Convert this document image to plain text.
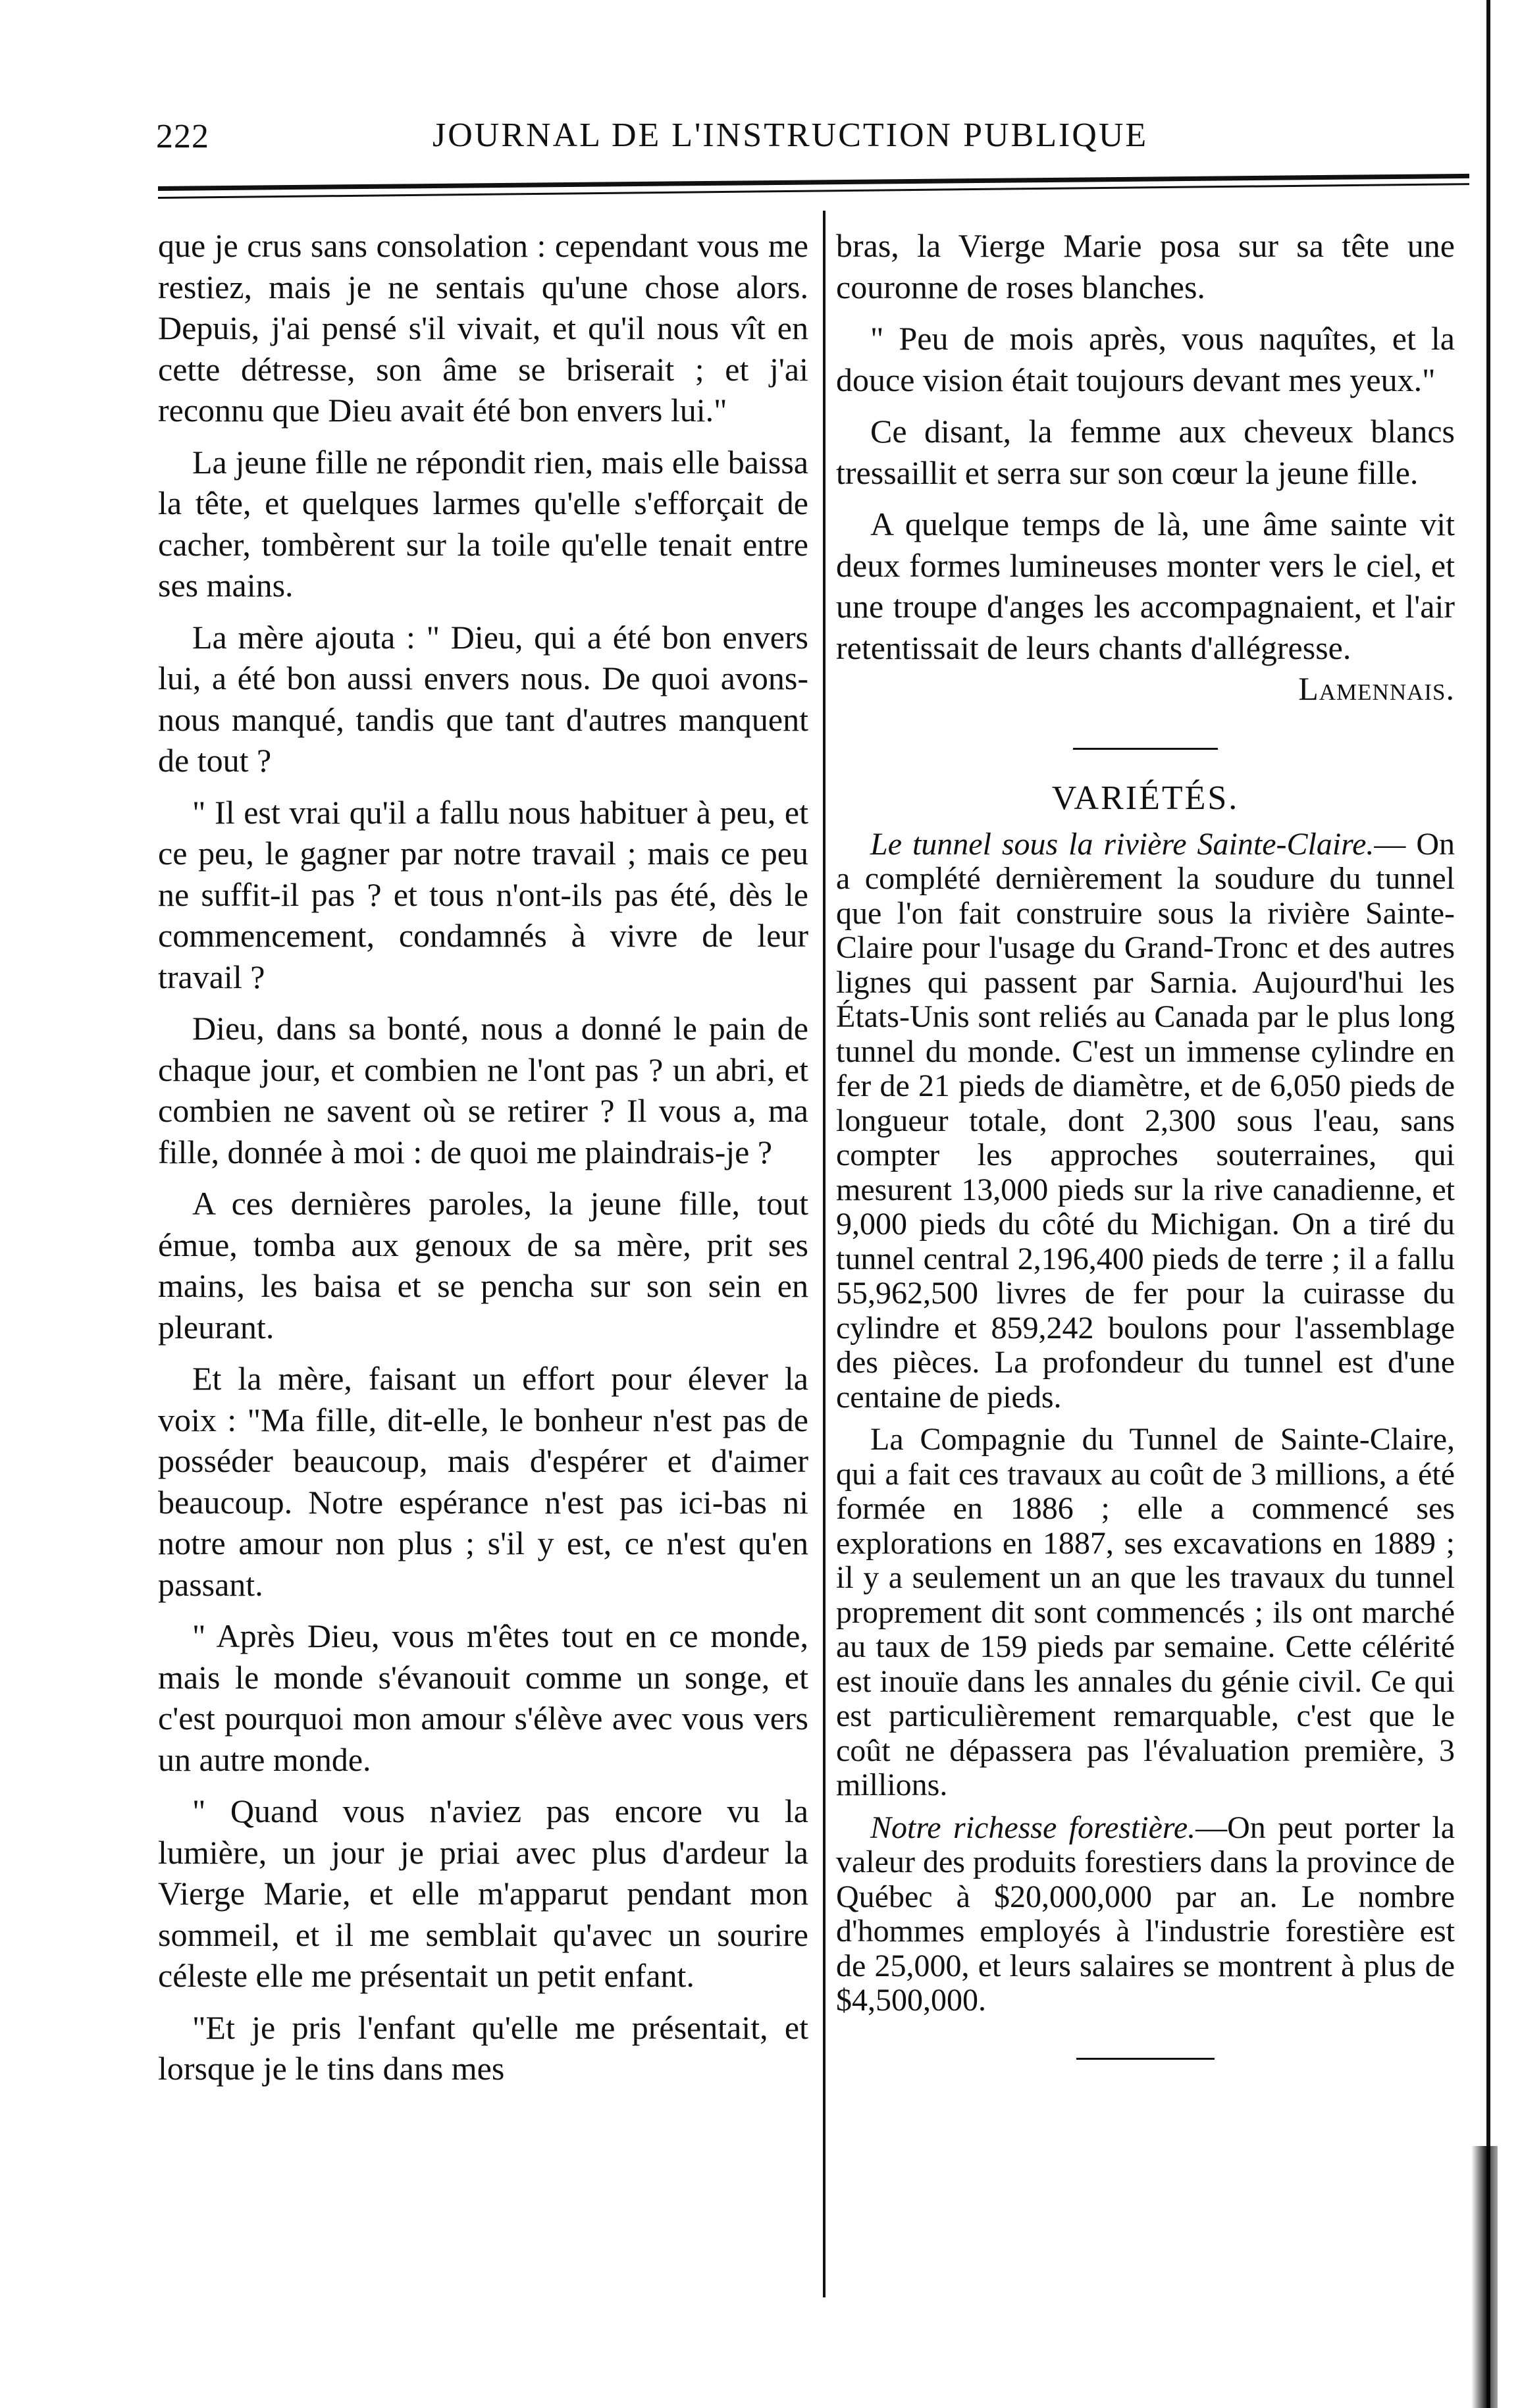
222	JOURNAL DE L'INSTRUCTION PUBLIQUE

que je crus sans consolation : cependant vous me restiez, mais je ne sentais qu'une chose alors. Depuis, j'ai pensé s'il vivait, et qu'il nous vît en cette détresse, son âme se briserait ; et j'ai reconnu que Dieu avait été bon envers lui."

La jeune fille ne répondit rien, mais elle baissa la tête, et quelques larmes qu'elle s'efforçait de cacher, tombèrent sur la toile qu'elle tenait entre ses mains.

La mère ajouta : " Dieu, qui a été bon envers lui, a été bon aussi envers nous. De quoi avons-nous manqué, tandis que tant d'autres manquent de tout ?

" Il est vrai qu'il a fallu nous habituer à peu, et ce peu, le gagner par notre travail ; mais ce peu ne suffit-il pas ? et tous n'ont-ils pas été, dès le commencement, condamnés à vivre de leur travail ?

Dieu, dans sa bonté, nous a donné le pain de chaque jour, et combien ne l'ont pas ? un abri, et combien ne savent où se retirer ? Il vous a, ma fille, donnée à moi : de quoi me plaindrais-je ?

A ces dernières paroles, la jeune fille, tout émue, tomba aux genoux de sa mère, prit ses mains, les baisa et se pencha sur son sein en pleurant.

Et la mère, faisant un effort pour élever la voix : "Ma fille, dit-elle, le bonheur n'est pas de posséder beaucoup, mais d'espérer et d'aimer beaucoup. Notre espérance n'est pas ici-bas ni notre amour non plus ; s'il y est, ce n'est qu'en passant.

" Après Dieu, vous m'êtes tout en ce monde, mais le monde s'évanouit comme un songe, et c'est pourquoi mon amour s'élève avec vous vers un autre monde.

" Quand vous n'aviez pas encore vu la lumière, un jour je priai avec plus d'ardeur la Vierge Marie, et elle m'apparut pendant mon sommeil, et il me semblait qu'avec un sourire céleste elle me présentait un petit enfant.

"Et je pris l'enfant qu'elle me présentait, et lorsque je le tins dans mes

bras, la Vierge Marie posa sur sa tête une couronne de roses blanches.

" Peu de mois après, vous naquîtes, et la douce vision était toujours devant mes yeux."

Ce disant, la femme aux cheveux blancs tressaillit et serra sur son cœur la jeune fille.

A quelque temps de là, une âme sainte vit deux formes lumineuses monter vers le ciel, et une troupe d'anges les accompagnaient, et l'air retentissait de leurs chants d'allégresse.
Lamennais.

VARIÉTÉS.

Le tunnel sous la rivière Sainte-Claire.— On a complété dernièrement la soudure du tunnel que l'on fait construire sous la rivière Sainte-Claire pour l'usage du Grand-Tronc et des autres lignes qui passent par Sarnia. Aujourd'hui les États-Unis sont reliés au Canada par le plus long tunnel du monde. C'est un immense cylindre en fer de 21 pieds de diamètre, et de 6,050 pieds de longueur totale, dont 2,300 sous l'eau, sans compter les approches souterraines, qui mesurent 13,000 pieds sur la rive canadienne, et 9,000 pieds du côté du Michigan. On a tiré du tunnel central 2,196,400 pieds de terre ; il a fallu 55,962,500 livres de fer pour la cuirasse du cylindre et 859,242 boulons pour l'assemblage des pièces. La profondeur du tunnel est d'une centaine de pieds.

La Compagnie du Tunnel de Sainte-Claire, qui a fait ces travaux au coût de 3 millions, a été formée en 1886 ; elle a commencé ses explorations en 1887, ses excavations en 1889 ; il y a seulement un an que les travaux du tunnel proprement dit sont commencés ; ils ont marché au taux de 159 pieds par semaine. Cette célérité est inouïe dans les annales du génie civil. Ce qui est particulièrement remarquable, c'est que le coût ne dépassera pas l'évaluation première, 3 millions.

Notre richesse forestière.—On peut porter la valeur des produits forestiers dans la province de Québec à $20,000,000 par an. Le nombre d'hommes employés à l'industrie forestière est de 25,000, et leurs salaires se montrent à plus de $4,500,000.
